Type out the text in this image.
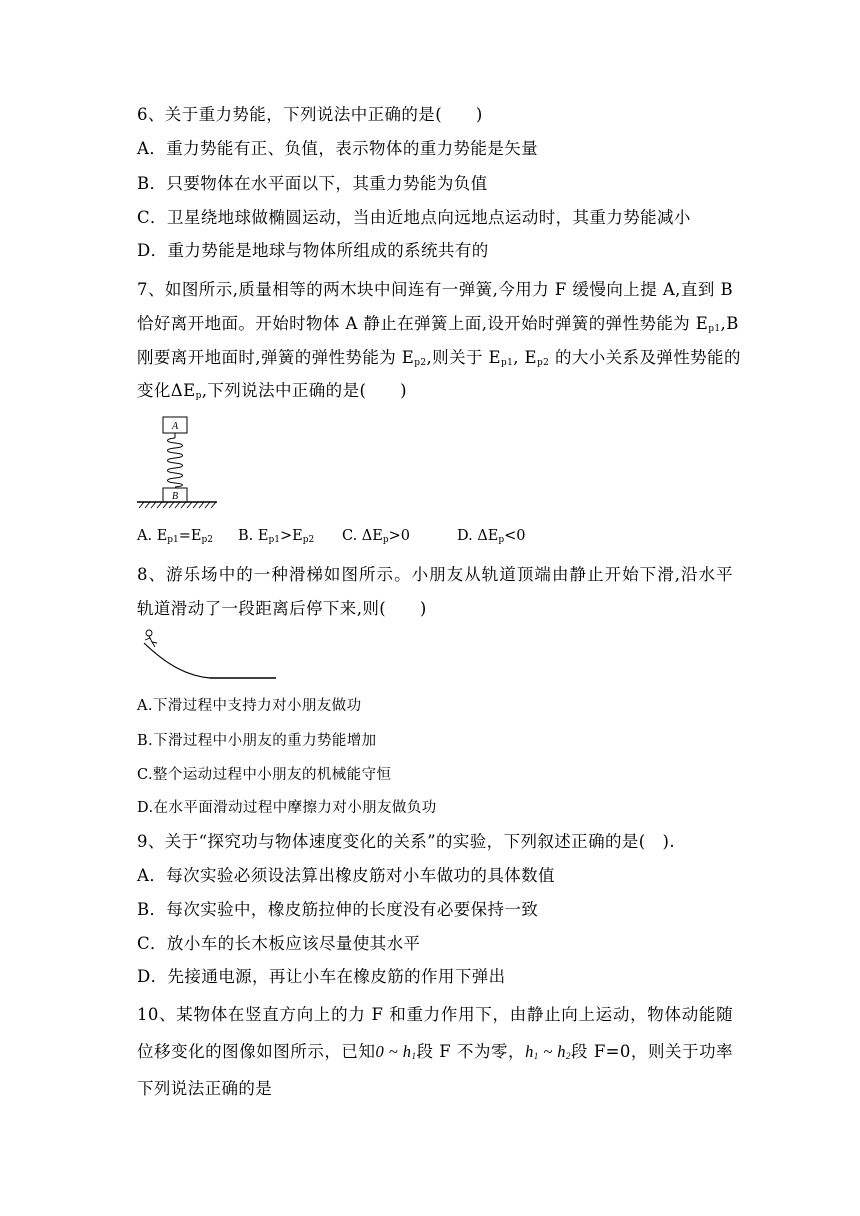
6、关于重力势能，下列说法中正确的是(　　)
A．重力势能有正、负值，表示物体的重力势能是矢量
B．只要物体在水平面以下，其重力势能为负值
C．卫星绕地球做椭圆运动，当由近地点向远地点运动时，其重力势能减小
D．重力势能是地球与物体所组成的系统共有的
7、如图所示,质量相等的两木块中间连有一弹簧,今用力 F 缓慢向上提 A,直到 B
恰好离开地面。开始时物体 A 静止在弹簧上面,设开始时弹簧的弹性势能为 $E_{p1},B$
刚要离开地面时,弹簧的弹性势能为 $E_{p2}$,则关于 $E_{p1}$, $E_{p2}$ 的大小关系及弹性势能的
变化$\Delta E_p$,下列说法中正确的是(　　)
A
B
A. $E_{p1}=E_{p2}$ B. $E_{p1}>E_{p2}$ C. $\Delta E_p>0$	D. $\Delta E_p<0$
8、游乐场中的一种滑梯如图所示。小朋友从轨道顶端由静止开始下滑,沿水平
轨道滑动了一段距离后停下来,则(　　)
A.下滑过程中支持力对小朋友做功
B.下滑过程中小朋友的重力势能增加
C.整个运动过程中小朋友的机械能守恒
D.在水平面滑动过程中摩擦力对小朋友做负功
9、关于“探究功与物体速度变化的关系”的实验，下列叙述正确的是(　).
A．每次实验必须设法算出橡皮筋对小车做功的具体数值
B．每次实验中，橡皮筋拉伸的长度没有必要保持一致
C．放小车的长木板应该尽量使其水平
D．先接通电源，再让小车在橡皮筋的作用下弹出
10、某物体在竖直方向上的力 F 和重力作用下，由静止向上运动，物体动能随
位移变化的图像如图所示，已知0 ~ $h_1$段 F 不为零，$h_1$ ~ $h_2$段 F=0，则关于功率
下列说法正确的是
